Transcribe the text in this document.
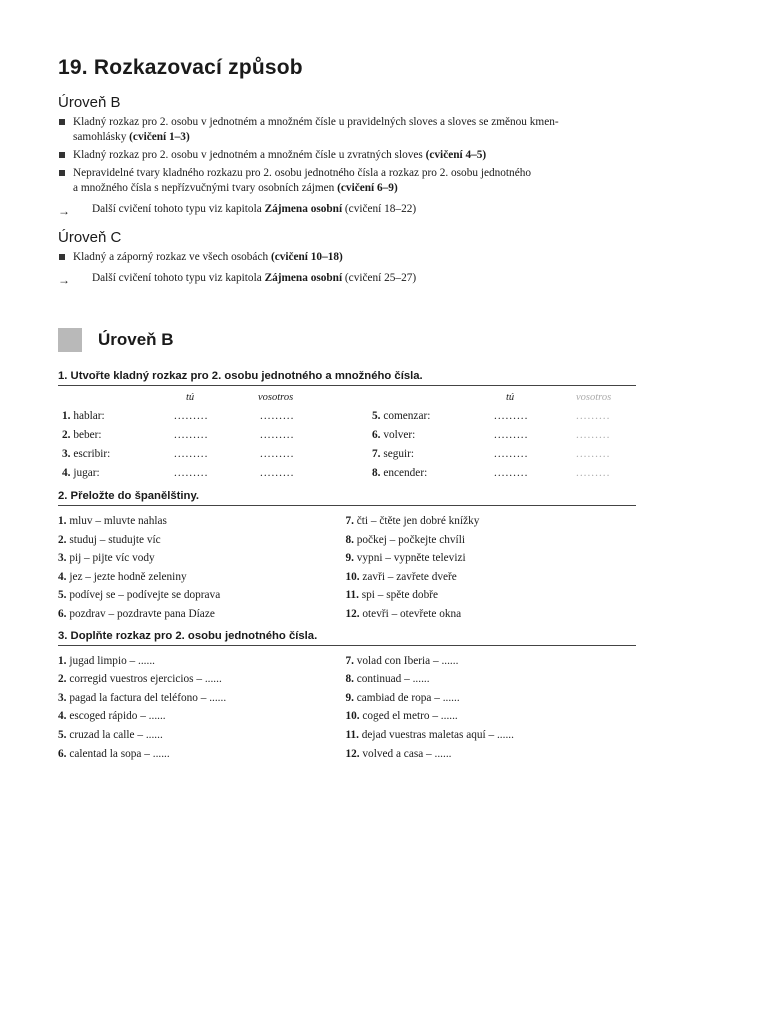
19. Rozkazovací způsob
Úroveň B
Kladný rozkaz pro 2. osobu v jednotném a množném čísle u pravidelných sloves a sloves se změnou kmen-
samohlásky (cvičení 1–3)
Kladný rozkaz pro 2. osobu v jednotném a množném čísle u zvratných sloves (cvičení 4–5)
Nepravidelné tvary kladného rozkazu pro 2. osobu jednotného čísla a rozkaz pro 2. osobu jednotného
a množného čísla s nepřízvučnými tvary osobních zájmen (cvičení 6–9)
→ Další cvičení tohoto typu viz kapitola Zájmena osobní (cvičení 18–22)
Úroveň C
Kladný a záporný rozkaz ve všech osobách (cvičení 10–18)
→ Další cvičení tohoto typu viz kapitola Zájmena osobní (cvičení 25–27)
Úroveň B
1. Utvořte kladný rozkaz pro 2. osobu jednotného a množného čísla.
tú	vosotros	tú	vosotros
1. hablar:	.........	.........	5. comenzar:	.........	.........
2. beber:	.........	.........	6. volver:	.........	.........
3. escribir:	.........	.........	7. seguir:	.........	.........
4. jugar:	.........	.........	8. encender:	.........	.........
2. Přeložte do španělštiny.
1. mluv – mluvte nahlas
2. studuj – studujte víc
3. pij – pijte víc vody
4. jez – jezte hodně zeleniny
5. podívej se – podívejte se doprava
6. pozdrav – pozdravte pana Díaze
7. čti – čtěte jen dobré knížky
8. počkej – počkejte chvíli
9. vypni – vypněte televizi
10. zavři – zavřete dveře
11. spi – spěte dobře
12. otevři – otevřete okna
3. Doplňte rozkaz pro 2. osobu jednotného čísla.
1. jugad limpio – ......
2. corregid vuestros ejercicios – ......
3. pagad la factura del teléfono – ......
4. escoged rápido – ......
5. cruzad la calle – ......
6. calentad la sopa – ......
7. volad con Iberia – ......
8. continuad – ......
9. cambiad de ropa – ......
10. coged el metro – ......
11. dejad vuestras maletas aquí – ......
12. volved a casa – ......
